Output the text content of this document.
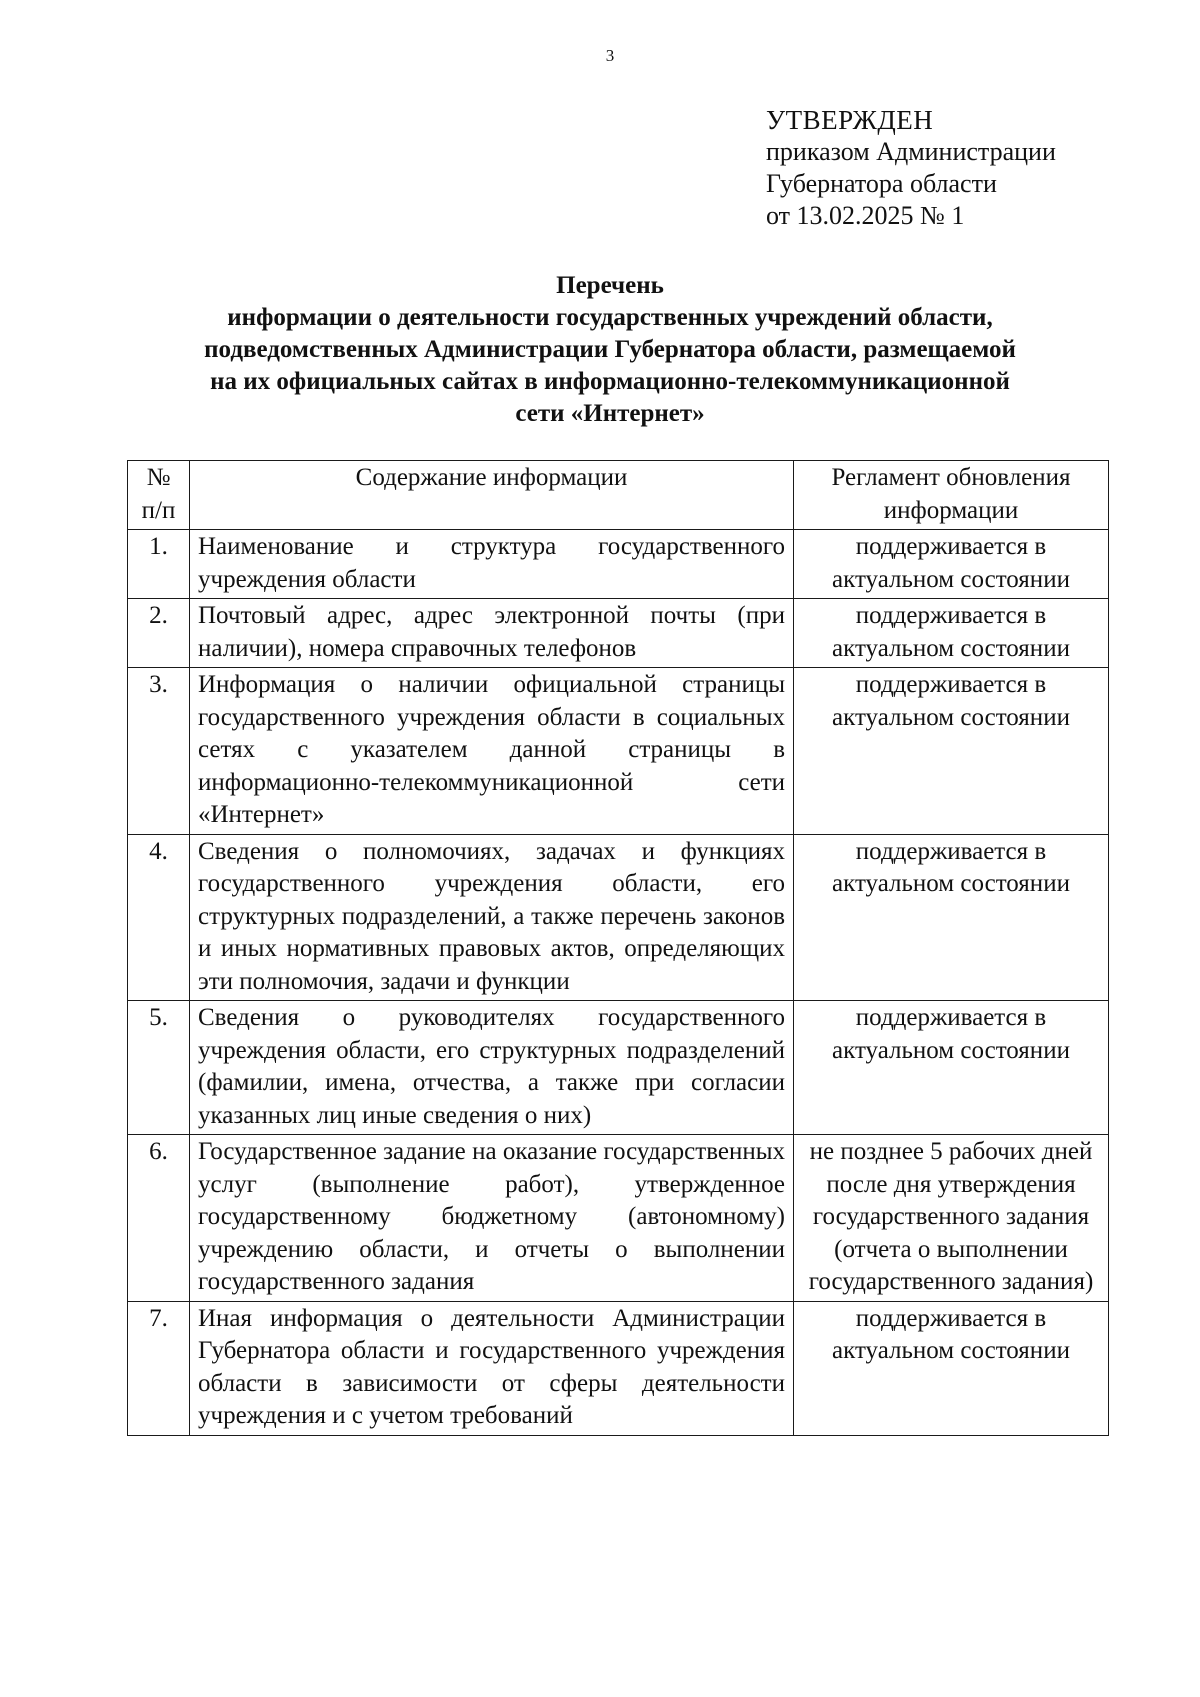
3
УТВЕРЖДЕН
приказом Администрации
Губернатора области
от 13.02.2025 № 1
Перечень
информации о деятельности государственных учреждений области,
подведомственных Администрации Губернатора области, размещаемой
на их официальных сайтах в информационно-телекоммуникационной
сети «Интернет»
№ п/п	Содержание информации	Регламент обновления информации
1.	Наименование и структура государственного учреждения области	поддерживается в актуальном состоянии
2.	Почтовый адрес, адрес электронной почты (при наличии), номера справочных телефонов	поддерживается в актуальном состоянии
3.	Информация о наличии официальной страницы государственного учреждения области в социальных сетях с указателем данной страницы в информационно-телекоммуникационной сети «Интернет»	поддерживается в актуальном состоянии
4.	Сведения о полномочиях, задачах и функциях государственного учреждения области, его структурных подразделений, а также перечень законов и иных нормативных правовых актов, определяющих эти полномочия, задачи и функции	поддерживается в актуальном состоянии
5.	Сведения о руководителях государственного учреждения области, его структурных подразделений (фамилии, имена, отчества, а также при согласии указанных лиц иные сведения о них)	поддерживается в актуальном состоянии
6.	Государственное задание на оказание государственных услуг (выполнение работ), утвержденное государственному бюджетному (автономному) учреждению области, и отчеты о выполнении государственного задания	не позднее 5 рабочих дней после дня утверждения государственного задания (отчета о выполнении государственного задания)
7.	Иная информация о деятельности Администрации Губернатора области и государственного учреждения области в зависимости от сферы деятельности учреждения и с учетом требований	поддерживается в актуальном состоянии
